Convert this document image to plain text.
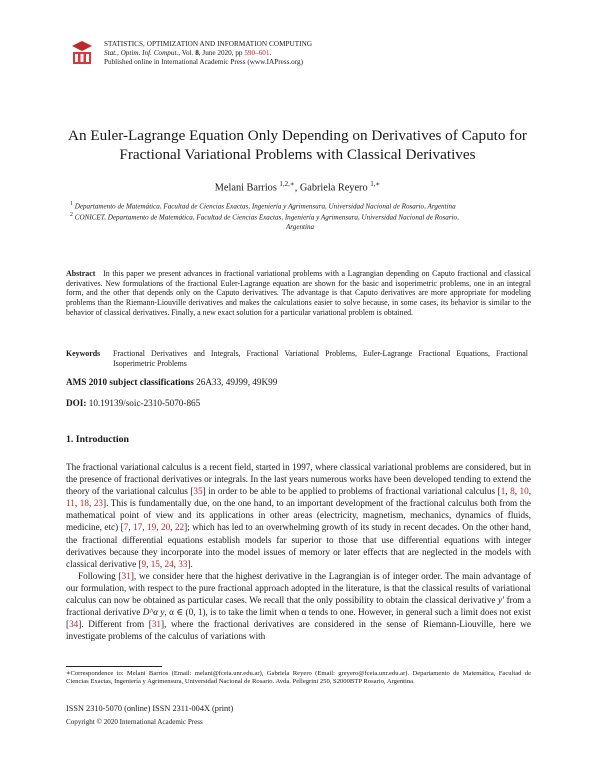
STATISTICS, OPTIMIZATION AND INFORMATION COMPUTING
Stat., Optim. Inf. Comput., Vol. 8, June 2020, pp 590–601.
Published online in International Academic Press (www.IAPress.org)
An Euler-Lagrange Equation Only Depending on Derivatives of Caputo for Fractional Variational Problems with Classical Derivatives
Melani Barrios $^{1,2,∗}$, Gabriela Reyero $^{1,∗}$
$^1$ Departamento de Matemática, Facultad de Ciencias Exactas, Ingeniería y Agrimensura, Universidad Nacional de Rosario, Argentina
$^2$ CONICET, Departamento de Matemática, Facultad de Ciencias Exactas, Ingeniería y Agrimensura, Universidad Nacional de Rosario,
Argentina
Abstract In this paper we present advances in fractional variational problems with a Lagrangian depending on Caputo fractional and classical derivatives. New formulations of the fractional Euler-Lagrange equation are shown for the basic and isoperimetric problems, one in an integral form, and the other that depends only on the Caputo derivatives. The advantage is that Caputo derivatives are more appropriate for modeling problems than the Riemann-Liouville derivatives and makes the calculations easier to solve because, in some cases, its behavior is similar to the behavior of classical derivatives. Finally, a new exact solution for a particular variational problem is obtained.
Keywords Fractional Derivatives and Integrals, Fractional Variational Problems, Euler-Lagrange Fractional Equations, Fractional Isoperimetric Problems
AMS 2010 subject classifications 26A33, 49J99, 49K99
DOI: 10.19139/soic-2310-5070-865
1. Introduction

The fractional variational calculus is a recent field, started in 1997, where classical variational problems are considered, but in the presence of fractional derivatives or integrals. In the last years numerous works have been developed tending to extend the theory of the variational calculus [35] in order to be able to be applied to problems of fractional variational calculus [1, 8, 10, 11, 18, 23]. This is fundamentally due, on the one hand, to an important development of the fractional calculus both from the mathematical point of view and its applications in other areas (electricity, magnetism, mechanics, dynamics of fluids, medicine, etc) [7, 17, 19, 20, 22]; which has led to an overwhelming growth of its study in recent decades. On the other hand, the fractional differential equations establish models far superior to those that use differential equations with integer derivatives because they incorporate into the model issues of memory or later effects that are neglected in the models with classical derivative [9, 15, 24, 33].

Following [31], we consider here that the highest derivative in the Lagrangian is of integer order. The main advantage of our formulation, with respect to the pure fractional approach adopted in the literature, is that the classical results of variational calculus can now be obtained as particular cases. We recall that the only possibility to obtain the classical derivative y′ from a fractional derivative D^α y, α ∈ (0, 1), is to take the limit when α tends to one. However, in general such a limit does not exist [34]. Different from [31], where the fractional derivatives are considered in the sense of Riemann-Liouville, here we investigate problems of the calculus of variations with

∗Correspondence to: Melani Barrios (Email: melani@fceia.unr.edu.ar), Gabriela Reyero (Email: greyero@fceia.unr.edu.ar). Departamento de Matemática, Facultad de Ciencias Exactas, Ingeniería y Agrimensura, Universidad Nacional de Rosario. Avda. Pellegrini 250, S2000BTP Rosario, Argentina.
ISSN 2310-5070 (online) ISSN 2311-004X (print)
Copyright © 2020 International Academic Press
